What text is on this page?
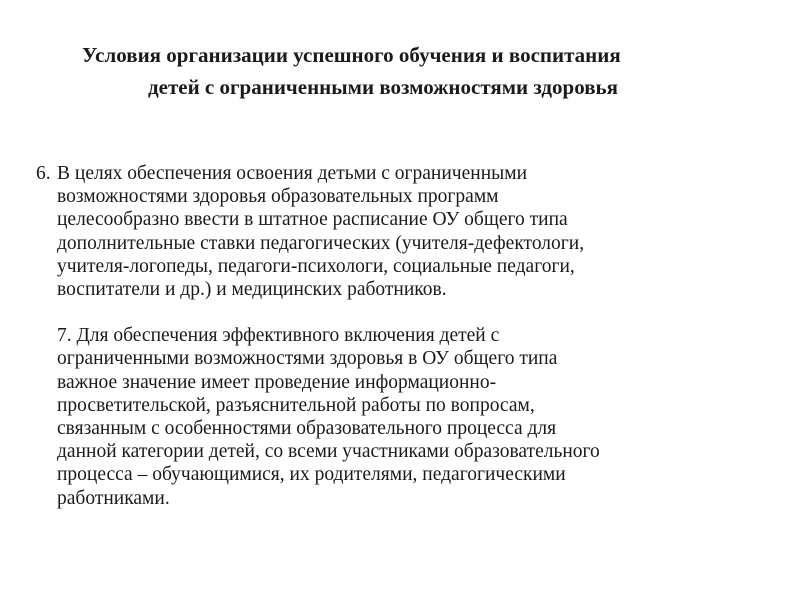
Условия организации успешного обучения и воспитания
детей с ограниченными возможностями здоровья
6. В целях обеспечения освоения детьми с ограниченными
возможностями здоровья образовательных программ
целесообразно ввести в штатное расписание ОУ общего типа
дополнительные ставки педагогических (учителя-дефектологи,
учителя-логопеды, педагоги-психологи, социальные педагоги,
воспитатели и др.) и медицинских работников.
7. Для обеспечения эффективного включения детей с
ограниченными возможностями здоровья в ОУ общего типа
важное значение имеет проведение информационно-
просветительской, разъяснительной работы по вопросам,
связанным с особенностями образовательного процесса для
данной категории детей, со всеми участниками образовательного
процесса – обучающимися, их родителями, педагогическими
работниками.
